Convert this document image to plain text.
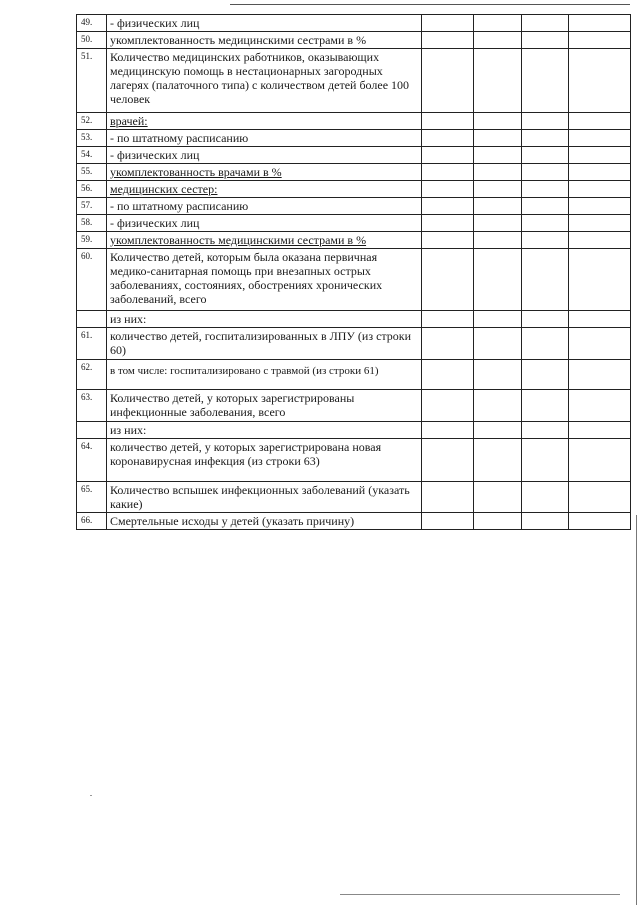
49.	- физических лиц				
50.	укомплектованность медицинскими сестрами в %				
51.	Количество медицинских работников, оказывающих медицинскую помощь в нестационарных загородных лагерях (палаточного типа) с количеством детей более 100 человек				
52.	врачей:				
53.	- по штатному расписанию				
54.	- физических лиц				
55.	укомплектованность врачами в %				
56.	медицинских сестер:				
57.	- по штатному расписанию				
58.	- физических лиц				
59.	укомплектованность медицинскими сестрами в %				
60.	Количество детей, которым была оказана первичная медико-санитарная помощь при внезапных острых заболеваниях, состояниях, обострениях хронических заболеваний, всего				
	из них:				
61.	количество детей, госпитализированных в ЛПУ (из строки 60)				
62.	в том числе: госпитализировано с травмой (из строки 61)				
63.	Количество детей, у которых зарегистрированы инфекционные заболевания, всего				
	из них:				
64.	количество детей, у которых зарегистрирована новая коронавирусная инфекция (из строки 63)				
65.	Количество вспышек инфекционных заболеваний (указать какие)				
66.	Смертельные исходы у детей (указать причину)				
